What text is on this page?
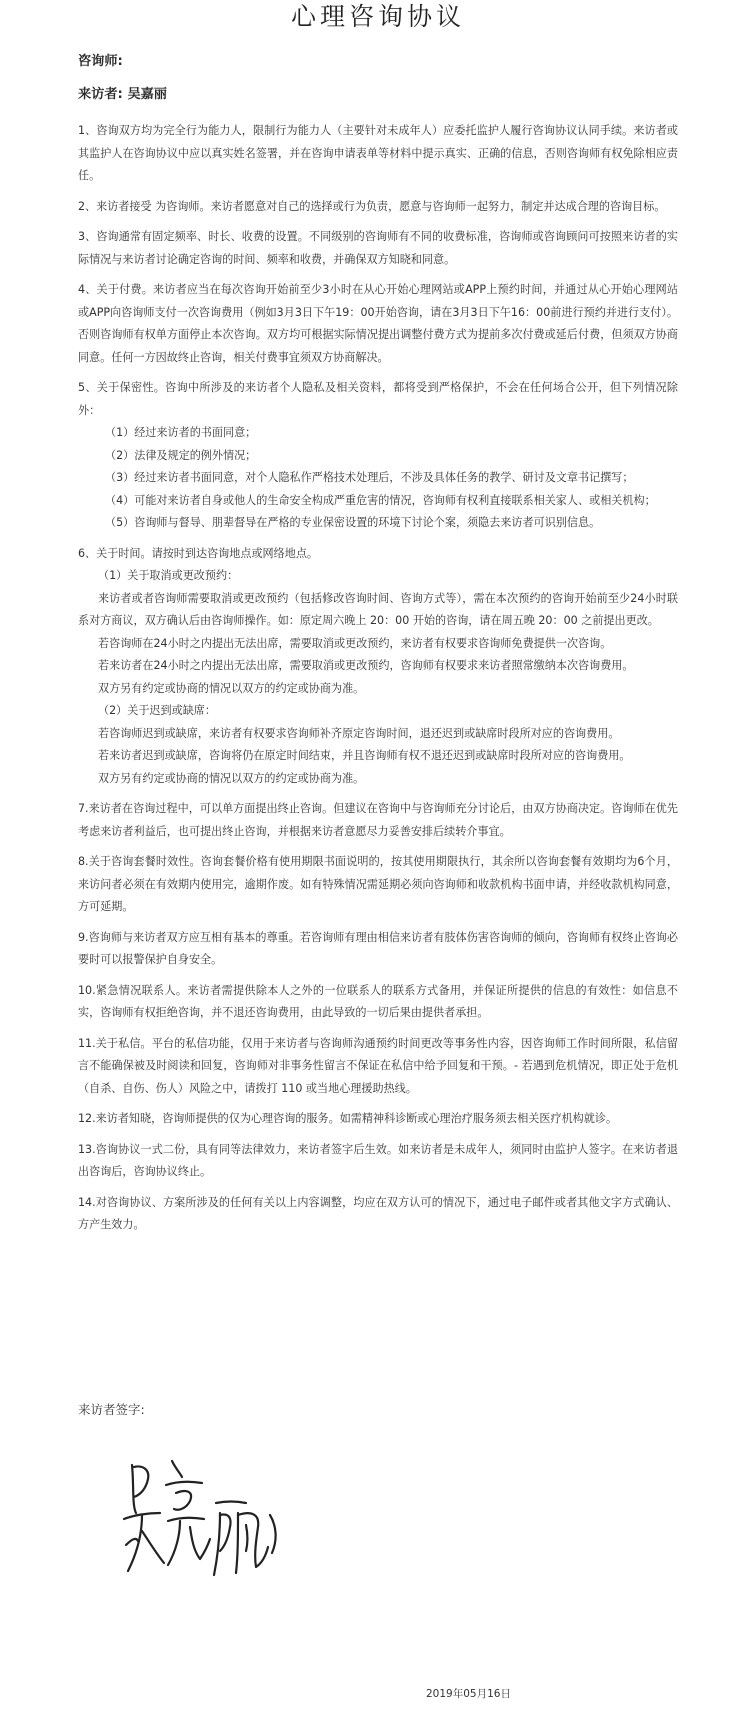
心理咨询协议
咨询师:
来访者: 吴嘉丽

1、咨询双方均为完全行为能力人，限制行为能力人（主要针对未成年人）应委托监护人履行咨询协议认同手续。来访者或其监护人在咨询协议中应以真实姓名签署，并在咨询申请表单等材料中提示真实、正确的信息，否则咨询师有权免除相应责任。

2、来访者接受 为咨询师。来访者愿意对自己的选择或行为负责，愿意与咨询师一起努力，制定并达成合理的咨询目标。

3、咨询通常有固定频率、时长、收费的设置。不同级别的咨询师有不同的收费标准，咨询师或咨询顾问可按照来访者的实际情况与来访者讨论确定咨询的时间、频率和收费，并确保双方知晓和同意。

4、关于付费。来访者应当在每次咨询开始前至少3小时在从心开始心理网站或APP上预约时间，并通过从心开始心理网站或APP向咨询师支付一次咨询费用（例如3月3日下午19：00开始咨询，请在3月3日下午16：00前进行预约并进行支付）。否则咨询师有权单方面停止本次咨询。双方均可根据实际情况提出调整付费方式为提前多次付费或延后付费，但须双方协商同意。任何一方因故终止咨询，相关付费事宜须双方协商解决。

5、关于保密性。咨询中所涉及的来访者个人隐私及相关资料，都将受到严格保护，不会在任何场合公开，但下列情况除外：
（1）经过来访者的书面同意；
（2）法律及规定的例外情况；
（3）经过来访者书面同意，对个人隐私作严格技术处理后，不涉及具体任务的教学、研讨及文章书记撰写；
（4）可能对来访者自身或他人的生命安全构成严重危害的情况，咨询师有权利直接联系相关家人、或相关机构；
（5）咨询师与督导、朋辈督导在严格的专业保密设置的环境下讨论个案，须隐去来访者可识别信息。
6、关于时间。请按时到达咨询地点或网络地点。
（1）关于取消或更改预约：
来访者或者咨询师需要取消或更改预约（包括修改咨询时间、咨询方式等），需在本次预约的咨询开始前至少24小时联系对方商议，双方确认后由咨询师操作。如：原定周六晚上 20：00 开始的咨询，请在周五晚 20：00 之前提出更改。
若咨询师在24小时之内提出无法出席，需要取消或更改预约，来访者有权要求咨询师免费提供一次咨询。
若来访者在24小时之内提出无法出席，需要取消或更改预约，咨询师有权要求来访者照常缴纳本次咨询费用。
双方另有约定或协商的情况以双方的约定或协商为准。
（2）关于迟到或缺席：
若咨询师迟到或缺席，来访者有权要求咨询师补齐原定咨询时间，退还迟到或缺席时段所对应的咨询费用。
若来访者迟到或缺席，咨询将仍在原定时间结束，并且咨询师有权不退还迟到或缺席时段所对应的咨询费用。
双方另有约定或协商的情况以双方的约定或协商为准。

7.来访者在咨询过程中，可以单方面提出终止咨询。但建议在咨询中与咨询师充分讨论后，由双方协商决定。咨询师在优先考虑来访者利益后，也可提出终止咨询，并根据来访者意愿尽力妥善安排后续转介事宜。

8.关于咨询套餐时效性。咨询套餐价格有使用期限书面说明的，按其使用期限执行，其余所以咨询套餐有效期均为6个月，来访问者必须在有效期内使用完，逾期作废。如有特殊情况需延期必须向咨询师和收款机构书面申请，并经收款机构同意，方可延期。

9.咨询师与来访者双方应互相有基本的尊重。若咨询师有理由相信来访者有肢体伤害咨询师的倾向，咨询师有权终止咨询必要时可以报警保护自身安全。

10.紧急情况联系人。来访者需提供除本人之外的一位联系人的联系方式备用，并保证所提供的信息的有效性：如信息不实，咨询师有权拒绝咨询，并不退还咨询费用，由此导致的一切后果由提供者承担。

11.关于私信。平台的私信功能，仅用于来访者与咨询师沟通预约时间更改等事务性内容，因咨询师工作时间所限，私信留言不能确保被及时阅读和回复，咨询师对非事务性留言不保证在私信中给予回复和干预。- 若遇到危机情况，即正处于危机（自杀、自伤、伤人）风险之中，请拨打 110 或当地心理援助热线。

12.来访者知晓，咨询师提供的仅为心理咨询的服务。如需精神科诊断或心理治疗服务须去相关医疗机构就诊。

13.咨询协议一式二份，具有同等法律效力，来访者签字后生效。如来访者是未成年人，须同时由监护人签字。在来访者退出咨询后，咨询协议终止。

14.对咨询协议、方案所涉及的任何有关以上内容调整，均应在双方认可的情况下，通过电子邮件或者其他文字方式确认、方产生效力。

来访者签字:
2019年05月16日
